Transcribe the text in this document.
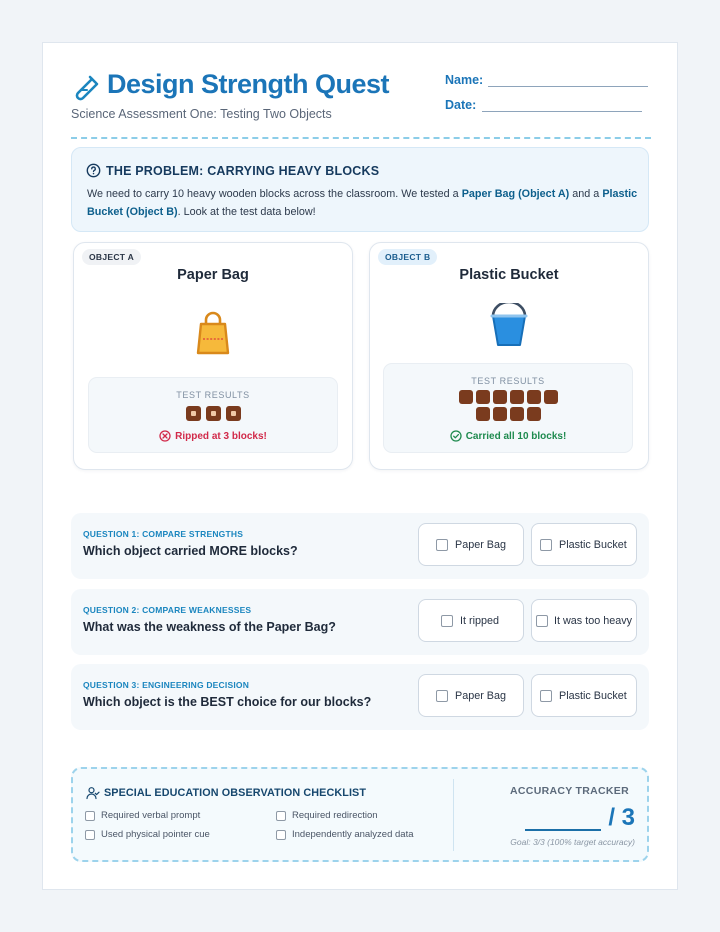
Design Strength Quest
Science Assessment One: Testing Two Objects
Name:
Date:
THE PROBLEM: CARRYING HEAVY BLOCKS
We need to carry 10 heavy wooden blocks across the classroom. We tested a Paper Bag (Object A) and a Plastic Bucket (Object B). Look at the test data below!
OBJECT A
Paper Bag
TEST RESULTS
Ripped at 3 blocks!
OBJECT B
Plastic Bucket
TEST RESULTS
Carried all 10 blocks!
QUESTION 1: COMPARE STRENGTHS
Which object carried MORE blocks?	Paper Bag	Plastic Bucket
QUESTION 2: COMPARE WEAKNESSES
What was the weakness of the Paper Bag?	It ripped	It was too heavy
QUESTION 3: ENGINEERING DECISION
Which object is the BEST choice for our blocks?	Paper Bag	Plastic Bucket
SPECIAL EDUCATION OBSERVATION CHECKLIST
Required verbal prompt	Required redirection
Used physical pointer cue	Independently analyzed data
ACCURACY TRACKER
/ 3
Goal: 3/3 (100% target accuracy)
